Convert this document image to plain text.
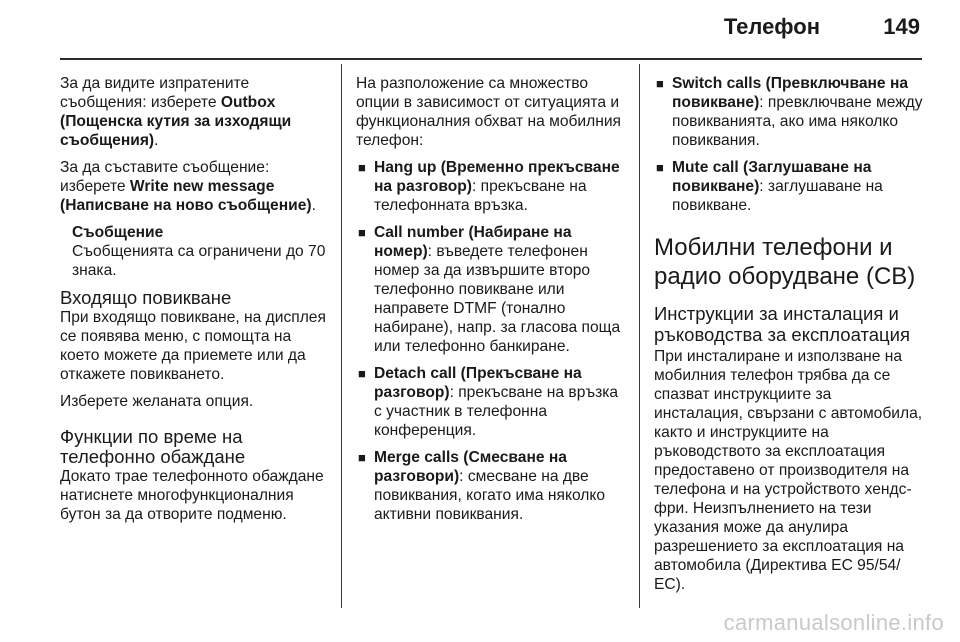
Телефон	149

За да видите изпратените съобщения: изберете Outbox (Пощенска кутия за изходящи съобщения).

За да съставите съобщение: изберете Write new message (Написване на ново съобщение).

Съобщение

Съобщенията са ограничени до 70 знака.

Входящо повикване

При входящо повикване, на дисплея се появява меню, с помощта на което можете да приемете или да откажете повикването.

Изберете желаната опция.

Функции по време на телефонно обаждане

Докато трае телефонното обаждане натиснете многофункционалния бутон за да отворите подменю.

На разположение са множество опции в зависимост от ситуацията и функционалния обхват на мобилния телефон:

■ Hang up (Временно прекъсване на разговор): прекъсване на телефонната връзка.
■ Call number (Набиране на номер): въведете телефонен номер за да извършите второ телефонно повикване или направете DTMF (тонално набиране), напр. за гласова поща или телефонно банкиране.
■ Detach call (Прекъсване на разговор): прекъсване на връзка с участник в телефонна конференция.
■ Merge calls (Смесване на разговори): смесване на две повиквания, когато има няколко активни повиквания.
■ Switch calls (Превключване на повикване): превключване между повикванията, ако има няколко повиквания.
■ Mute call (Заглушаване на повикване): заглушаване на повикване.
Мобилни телефони и радио оборудване (CB)
Инструкции за инсталация и ръководства за експлоатация

При инсталиране и използване на мобилния телефон трябва да се спазват инструкциите за инсталация, свързани с автомобила, както и инструкциите на ръководството за експлоатация предоставено от производителя на телефона и на устройството хендс-фри. Неизпълнението на тези указания може да анулира разрешението за експлоатация на автомобила (Директива EC 95/54/ EC).

carmanualsonline.info
